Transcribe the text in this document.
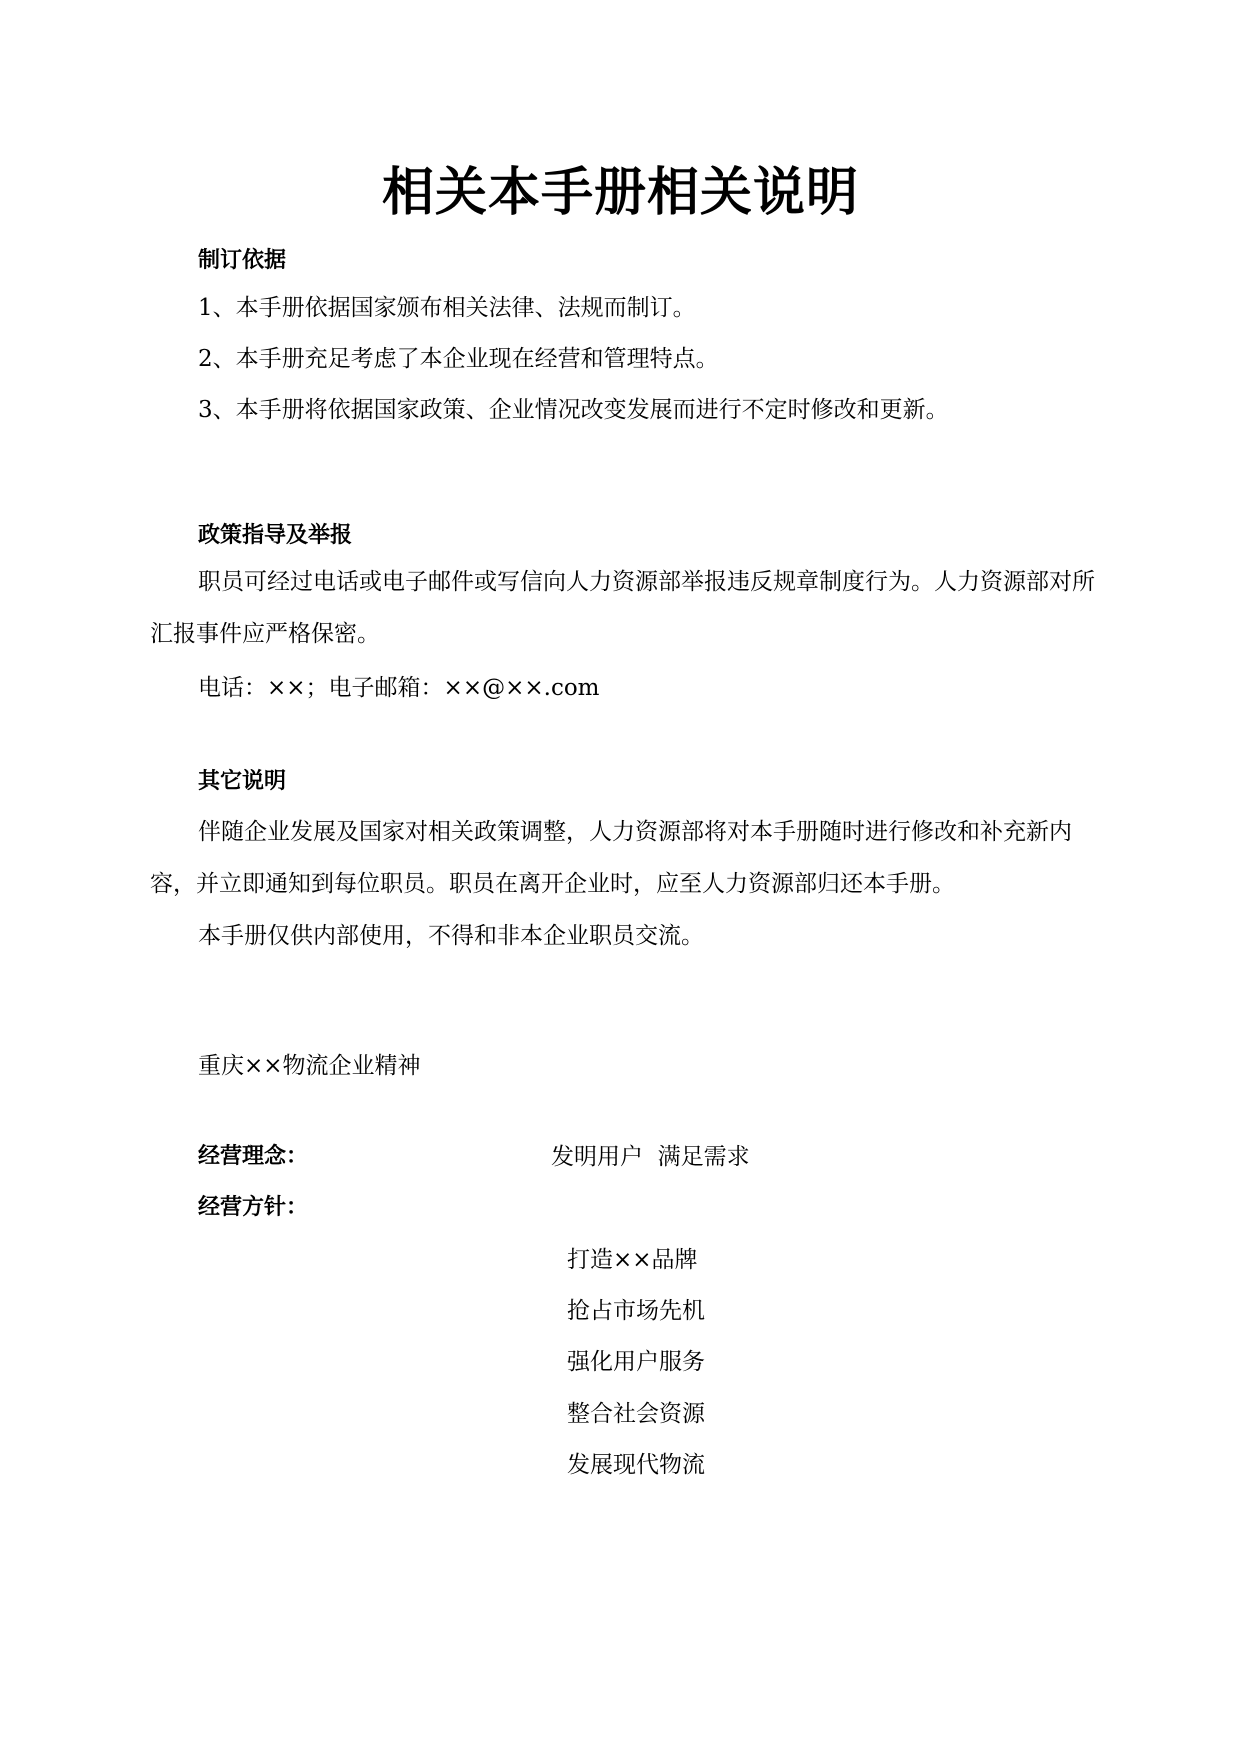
相关本手册相关说明
制订依据
1、本手册依据国家颁布相关法律、法规而制订。
2、本手册充足考虑了本企业现在经营和管理特点。
3、本手册将依据国家政策、企业情况改变发展而进行不定时修改和更新。
政策指导及举报

职员可经过电话或电子邮件或写信向人力资源部举报违反规章制度行为。人力资源部对所汇报事件应严格保密。

电话：××；电子邮箱：××@××.com
其它说明

伴随企业发展及国家对相关政策调整，人力资源部将对本手册随时进行修改和补充新内容，并立即通知到每位职员。职员在离开企业时，应至人力资源部归还本手册。

本手册仅供内部使用，不得和非本企业职员交流。
重庆××物流企业精神
经营理念：	发明用户  满足需求
经营方针：
打造××品牌
抢占市场先机
强化用户服务
整合社会资源
发展现代物流
